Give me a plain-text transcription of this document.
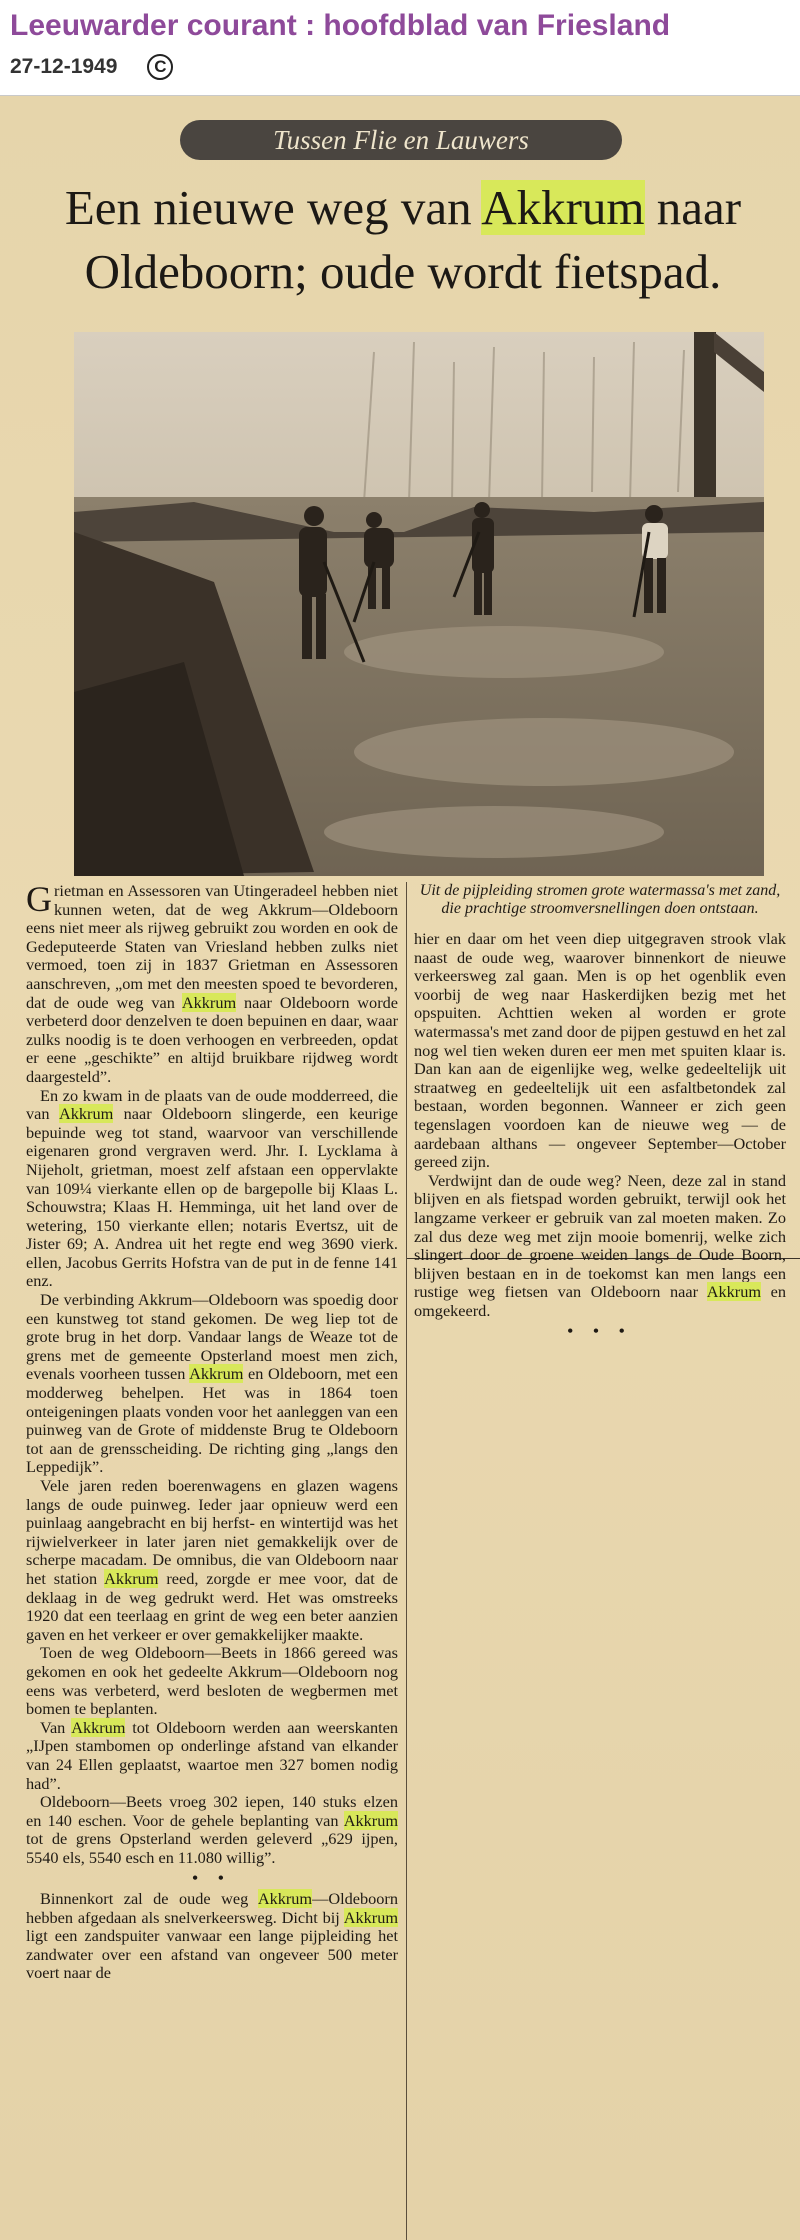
Leeuwarder courant : hoofdblad van Friesland
27-12-1949	C
Tussen Flie en Lauwers
Een nieuwe weg van Akkrum naar Oldeboorn; oude wordt fietspad.

Grietman en Assessoren van Utingeradeel hebben niet kunnen weten, dat de weg Akkrum—Oldeboorn eens niet meer als rijweg gebruikt zou worden en ook de Gedeputeerde Staten van Vriesland hebben zulks niet vermoed, toen zij in 1837 Grietman en Assessoren aanschreven, „om met den meesten spoed te bevorderen, dat de oude weg van Akkrum naar Oldeboorn worde verbeterd door denzelven te doen bepuinen en daar, waar zulks noodig is te doen verhoogen en verbreeden, opdat er eene „geschikte” en altijd bruikbare rijdweg wordt daargesteld”.

En zo kwam in de plaats van de oude modderreed, die van Akkrum naar Oldeboorn slingerde, een keurige bepuinde weg tot stand, waarvoor van verschillende eigenaren grond vergraven werd. Jhr. I. Lycklama à Nijeholt, grietman, moest zelf afstaan een oppervlakte van 109¼ vierkante ellen op de bargepolle bij Klaas L. Schouwstra; Klaas H. Hemminga, uit het land over de wetering, 150 vierkante ellen; notaris Evertsz, uit de Jister 69; A. Andrea uit het regte end weg 3690 vierk. ellen, Jacobus Gerrits Hofstra van de put in de fenne 141 enz.

De verbinding Akkrum—Oldeboorn was spoedig door een kunstweg tot stand gekomen. De weg liep tot de grote brug in het dorp. Vandaar langs de Weaze tot de grens met de gemeente Opsterland moest men zich, evenals voorheen tussen Akkrum en Oldeboorn, met een modderweg behelpen. Het was in 1864 toen onteigeningen plaats vonden voor het aanleggen van een puinweg van de Grote of middenste Brug te Oldeboorn tot aan de grensscheiding. De richting ging „langs den Leppedijk”.

Vele jaren reden boerenwagens en glazen wagens langs de oude puinweg. Ieder jaar opnieuw werd een puinlaag aangebracht en bij herfst- en wintertijd was het rijwielverkeer in later jaren niet gemakkelijk over de scherpe macadam. De omnibus, die van Oldeboorn naar het station Akkrum reed, zorgde er mee voor, dat de deklaag in de weg gedrukt werd. Het was omstreeks 1920 dat een teerlaag en grint de weg een beter aanzien gaven en het verkeer er over gemakkelijker maakte.

Toen de weg Oldeboorn—Beets in 1866 gereed was gekomen en ook het gedeelte Akkrum—Oldeboorn nog eens was verbeterd, werd besloten de wegbermen met bomen te beplanten.

Van Akkrum tot Oldeboorn werden aan weerskanten „IJpen stambomen op onderlinge afstand van elkander van 24 Ellen geplaatst, waartoe men 327 bomen nodig had”.

Oldeboorn—Beets vroeg 302 iepen, 140 stuks elzen en 140 eschen. Voor de gehele beplanting van Akkrum tot de grens Opsterland werden geleverd „629 ijpen, 5540 els, 5540 esch en 11.080 willig”.

• •

Binnenkort zal de oude weg Akkrum—Oldeboorn hebben afgedaan als snelverkeersweg. Dicht bij Akkrum ligt een zandspuiter vanwaar een lange pijpleiding het zandwater over een afstand van ongeveer 500 meter voert naar de

Uit de pijpleiding stromen grote watermassa's met zand, die prachtige stroomversnellingen doen ontstaan.

hier en daar om het veen diep uitgegraven strook vlak naast de oude weg, waarover binnenkort de nieuwe verkeersweg zal gaan. Men is op het ogenblik even voorbij de weg naar Haskerdijken bezig met het opspuiten. Achttien weken al worden er grote watermassa's met zand door de pijpen gestuwd en het zal nog wel tien weken duren eer men met spuiten klaar is. Dan kan aan de eigenlijke weg, welke gedeeltelijk uit straatweg en gedeeltelijk uit een asfaltbetondek zal bestaan, worden begonnen. Wanneer er zich geen tegenslagen voordoen kan de nieuwe weg — de aardebaan althans — ongeveer September—October gereed zijn.

Verdwijnt dan de oude weg? Neen, deze zal in stand blijven en als fietspad worden gebruikt, terwijl ook het langzame verkeer er gebruik van zal moeten maken. Zo zal dus deze weg met zijn mooie bomenrij, welke zich slingert door de groene weiden langs de Oude Boorn, blijven bestaan en in de toekomst kan men langs een rustige weg fietsen van Oldeboorn naar Akkrum en omgekeerd.

• • •
